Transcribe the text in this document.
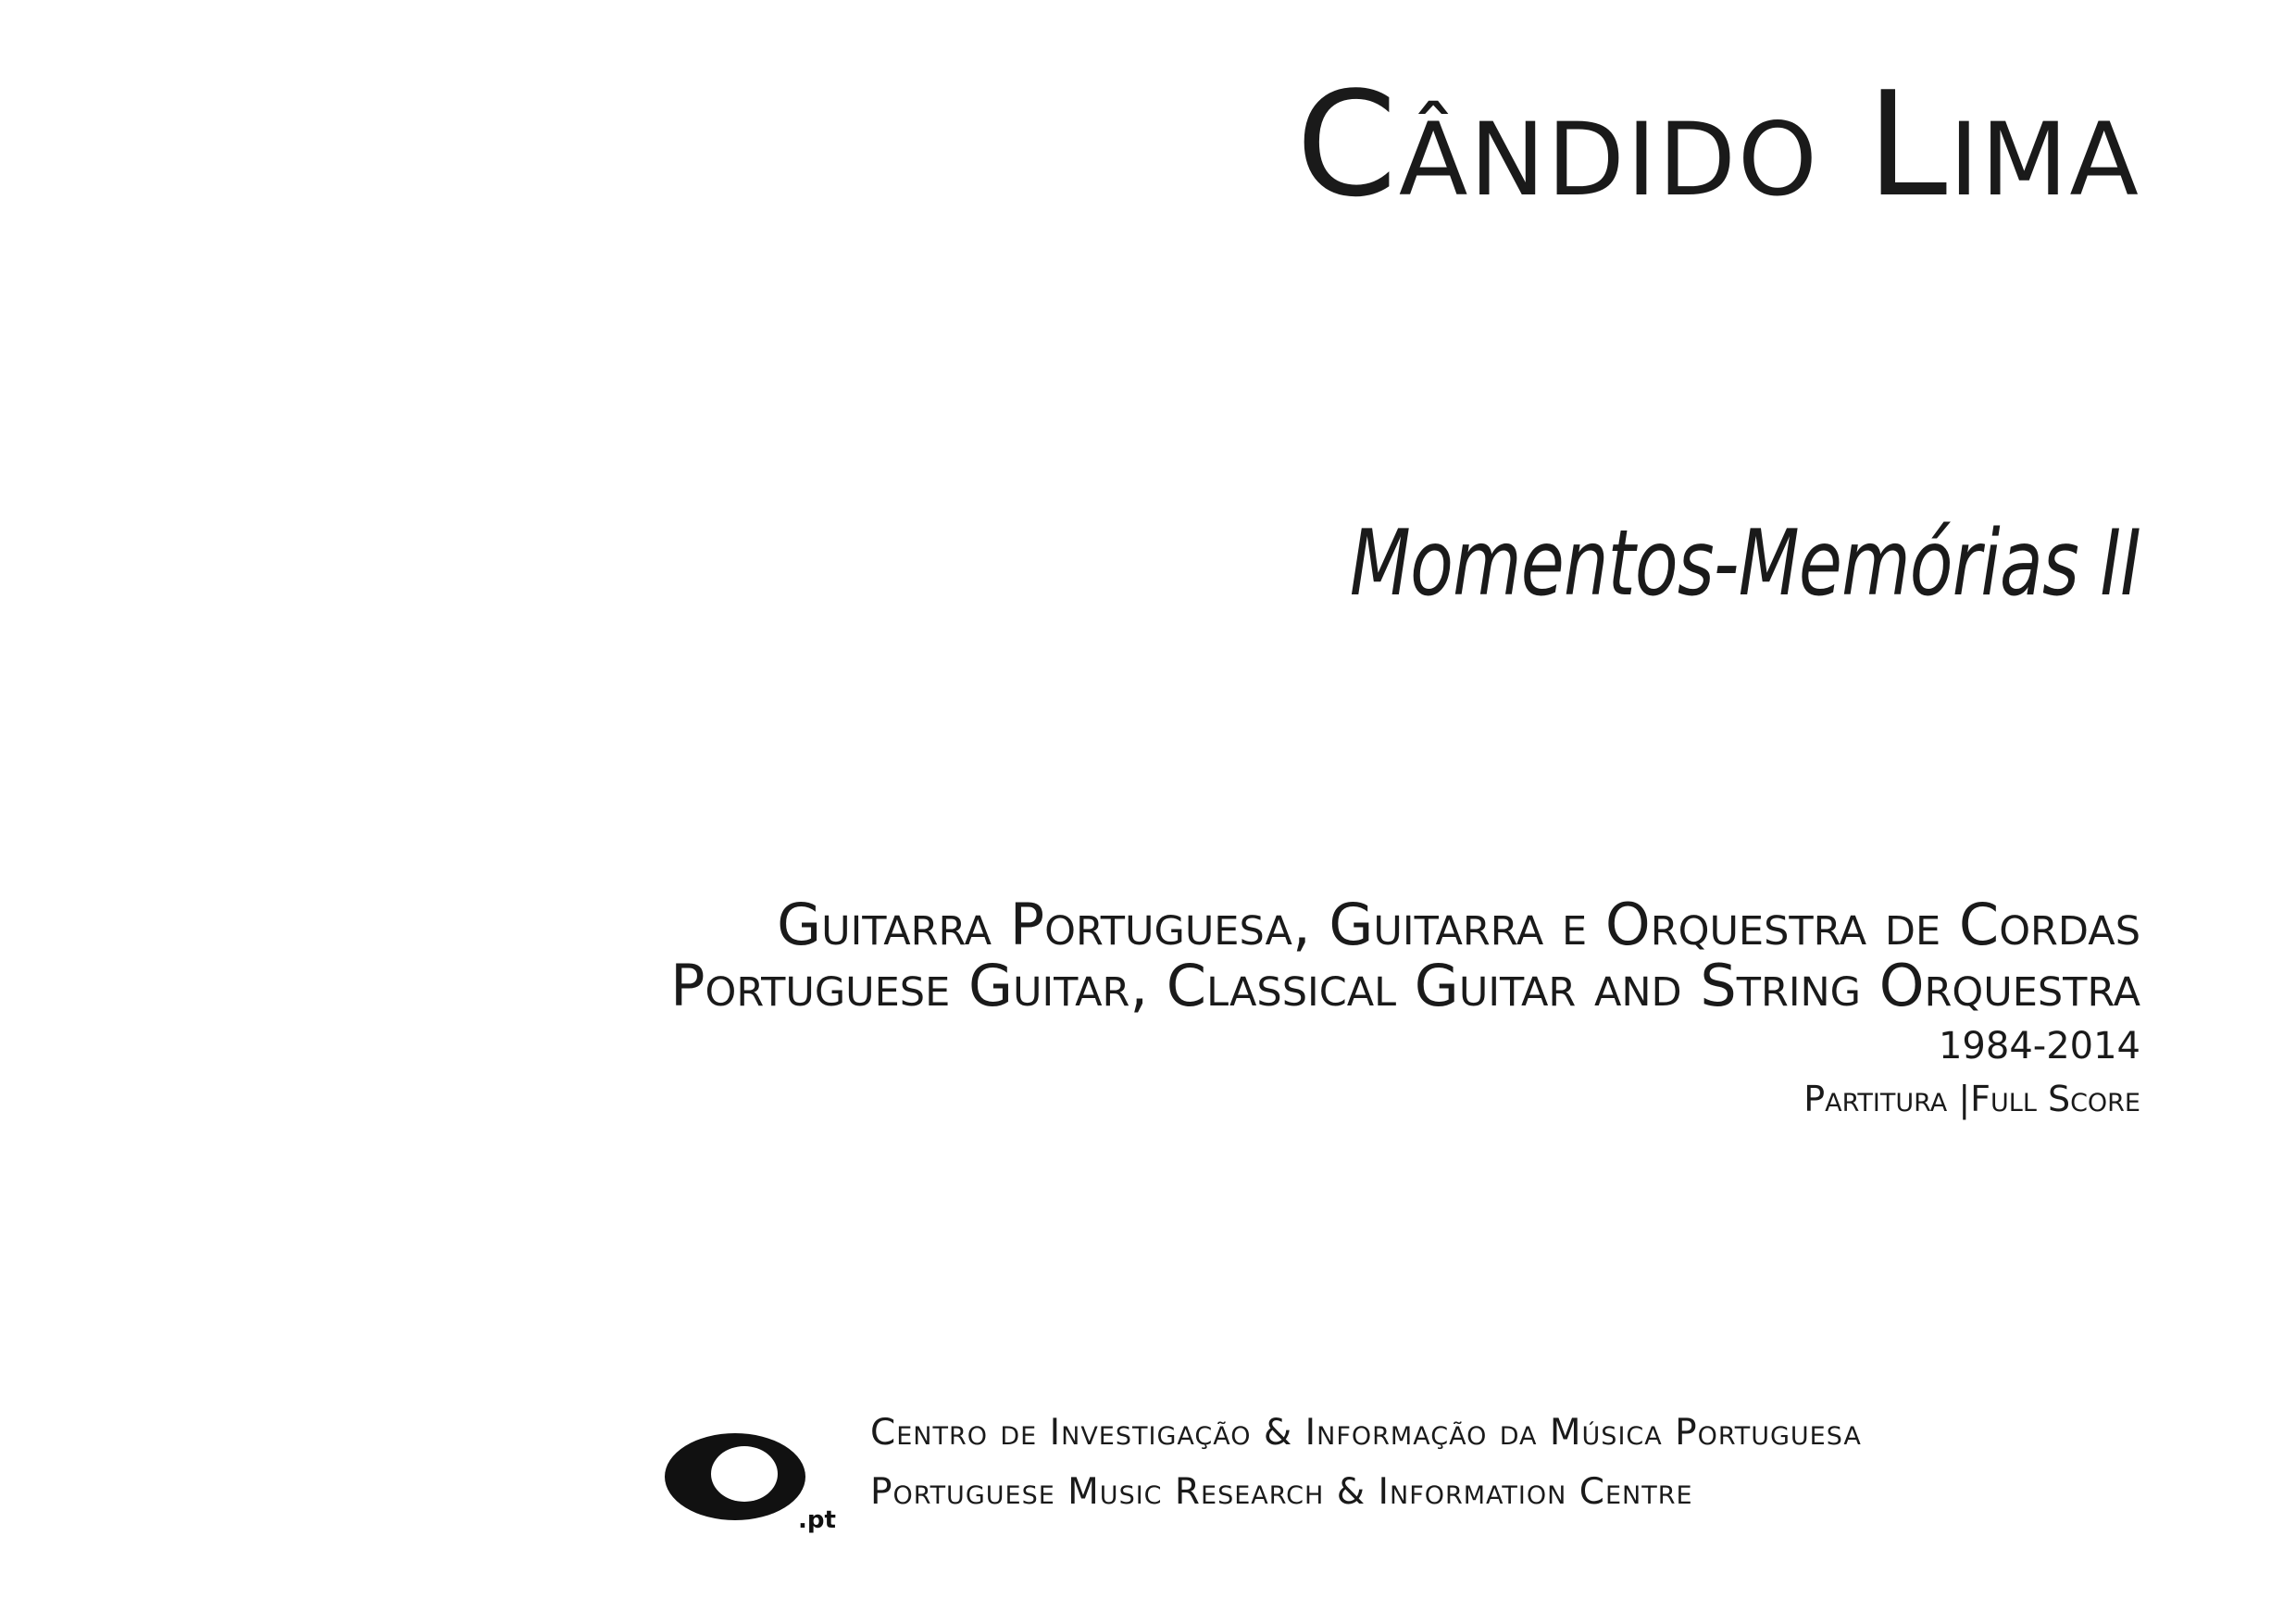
Cândido Lima
Momentos-Memórias II
Guitarra Portuguesa, Guitarra e Orquestra de Cordas
Portuguese Guitar, Classical Guitar and String Orquestra
1984-2014
Partitura |Full Score
mic
.pt
Centro de Investigação & Informação da Música Portuguesa
Portuguese Music Research & Information Centre
